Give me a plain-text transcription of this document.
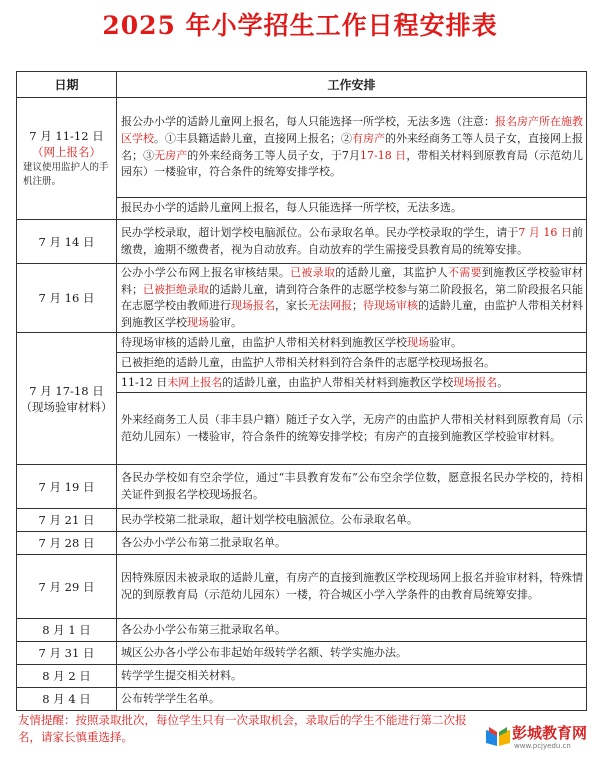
2025 年小学招生工作日程安排表
日期	工作安排
7 月 11-12 日
（网上报名）
建议使用监护人的手机注册。	报公办小学的适龄儿童网上报名，每人只能选择一所学校，无法多选（注意：报名房产所在施教区学校。①丰县籍适龄儿童，直接网上报名；②有房产的外来经商务工等人员子女，直接网上报名；③无房产的外来经商务工等人员子女，于7月17-18 日，带相关材料到原教育局（示范幼儿园东）一楼验审，符合条件的统筹安排学校。
	报民办小学的适龄儿童网上报名，每人只能选择一所学校，无法多选。
7 月 14 日	民办学校录取，超计划学校电脑派位。公布录取名单。民办学校录取的学生，请于7 月 16 日前缴费，逾期不缴费者，视为自动放弃。自动放弃的学生需接受县教育局的统筹安排。
7 月 16 日	公办小学公布网上报名审核结果。已被录取的适龄儿童，其监护人不需要到施教区学校验审材料；已被拒绝录取的适龄儿童，请到符合条件的志愿学校参与第二阶段报名，第二阶段报名只能在志愿学校由教师进行现场报名，家长无法网报；待现场审核的适龄儿童，由监护人带相关材料到施教区学校现场验审。
7 月 17-18 日
（现场验审材料）	待现场审核的适龄儿童，由监护人带相关材料到施教区学校现场验审。
	已被拒绝的适龄儿童，由监护人带相关材料到符合条件的志愿学校现场报名。
	11-12 日未网上报名的适龄儿童，由监护人带相关材料到施教区学校现场报名。
	外来经商务工人员（非丰县户籍）随迁子女入学，无房产的由监护人带相关材料到原教育局（示范幼儿园东）一楼验审，符合条件的统筹安排学校；有房产的直接到施教区学校验审材料。
7 月 19 日	各民办学校如有空余学位，通过“丰县教育发布”公布空余学位数，愿意报名民办学校的，持相关证件到报名学校现场报名。
7 月 21 日	民办学校第二批录取，超计划学校电脑派位。公布录取名单。
7 月 28 日	各公办小学公布第二批录取名单。
7 月 29 日	因特殊原因未被录取的适龄儿童，有房产的直接到施教区学校现场网上报名并验审材料，特殊情况的到原教育局（示范幼儿园东）一楼，符合城区小学入学条件的由教育局统筹安排。
8 月 1 日	各公办小学公布第三批录取名单。
7 月 31 日	城区公办各小学公布非起始年级转学名额、转学实施办法。
8 月 2 日	转学学生提交相关材料。
8 月 4 日	公布转学学生名单。
友情提醒：按照录取批次，每位学生只有一次录取机会，录取后的学生不能进行第二次报名，请家长慎重选择。	彭城教育网
www.pcjyedu.cn
